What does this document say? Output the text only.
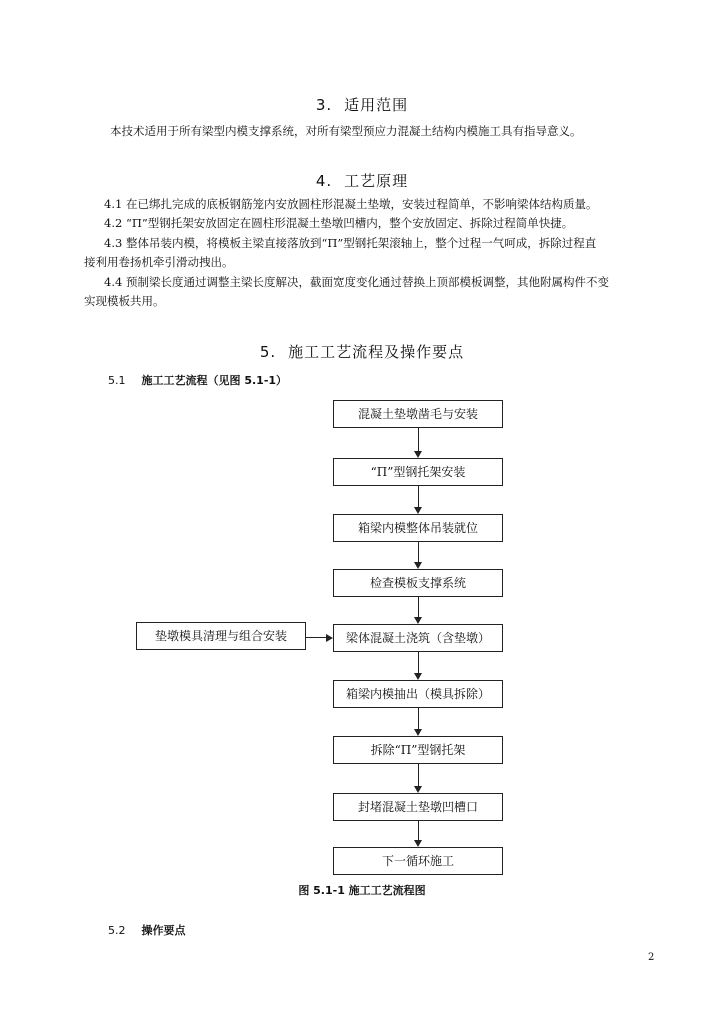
3. 适用范围
本技术适用于所有梁型内模支撑系统，对所有梁型预应力混凝土结构内模施工具有指导意义。
4. 工艺原理
4.1 在已绑扎完成的底板钢筋笼内安放圆柱形混凝土垫墩，安装过程简单，不影响梁体结构质量。
4.2 “Π”型钢托架安放固定在圆柱形混凝土垫墩凹槽内，整个安放固定、拆除过程简单快捷。
4.3 整体吊装内模，将模板主梁直接落放到“Π”型钢托架滚轴上，整个过程一气呵成，拆除过程直
接利用卷扬机牵引滑动拽出。
4.4 预制梁长度通过调整主梁长度解决，截面宽度变化通过替换上顶部模板调整，其他附属构件不变
实现模板共用。
5. 施工工艺流程及操作要点
5.1 施工工艺流程（见图 5.1-1）
混凝土垫墩凿毛与安装
“Π”型钢托架安装
箱梁内模整体吊装就位
检查模板支撑系统
梁体混凝土浇筑（含垫墩）
箱梁内模抽出（模具拆除）
拆除“Π”型钢托架
封堵混凝土垫墩凹槽口
下一循环施工
垫墩模具清理与组合安装
图 5.1-1 施工工艺流程图
5.2 操作要点
2
